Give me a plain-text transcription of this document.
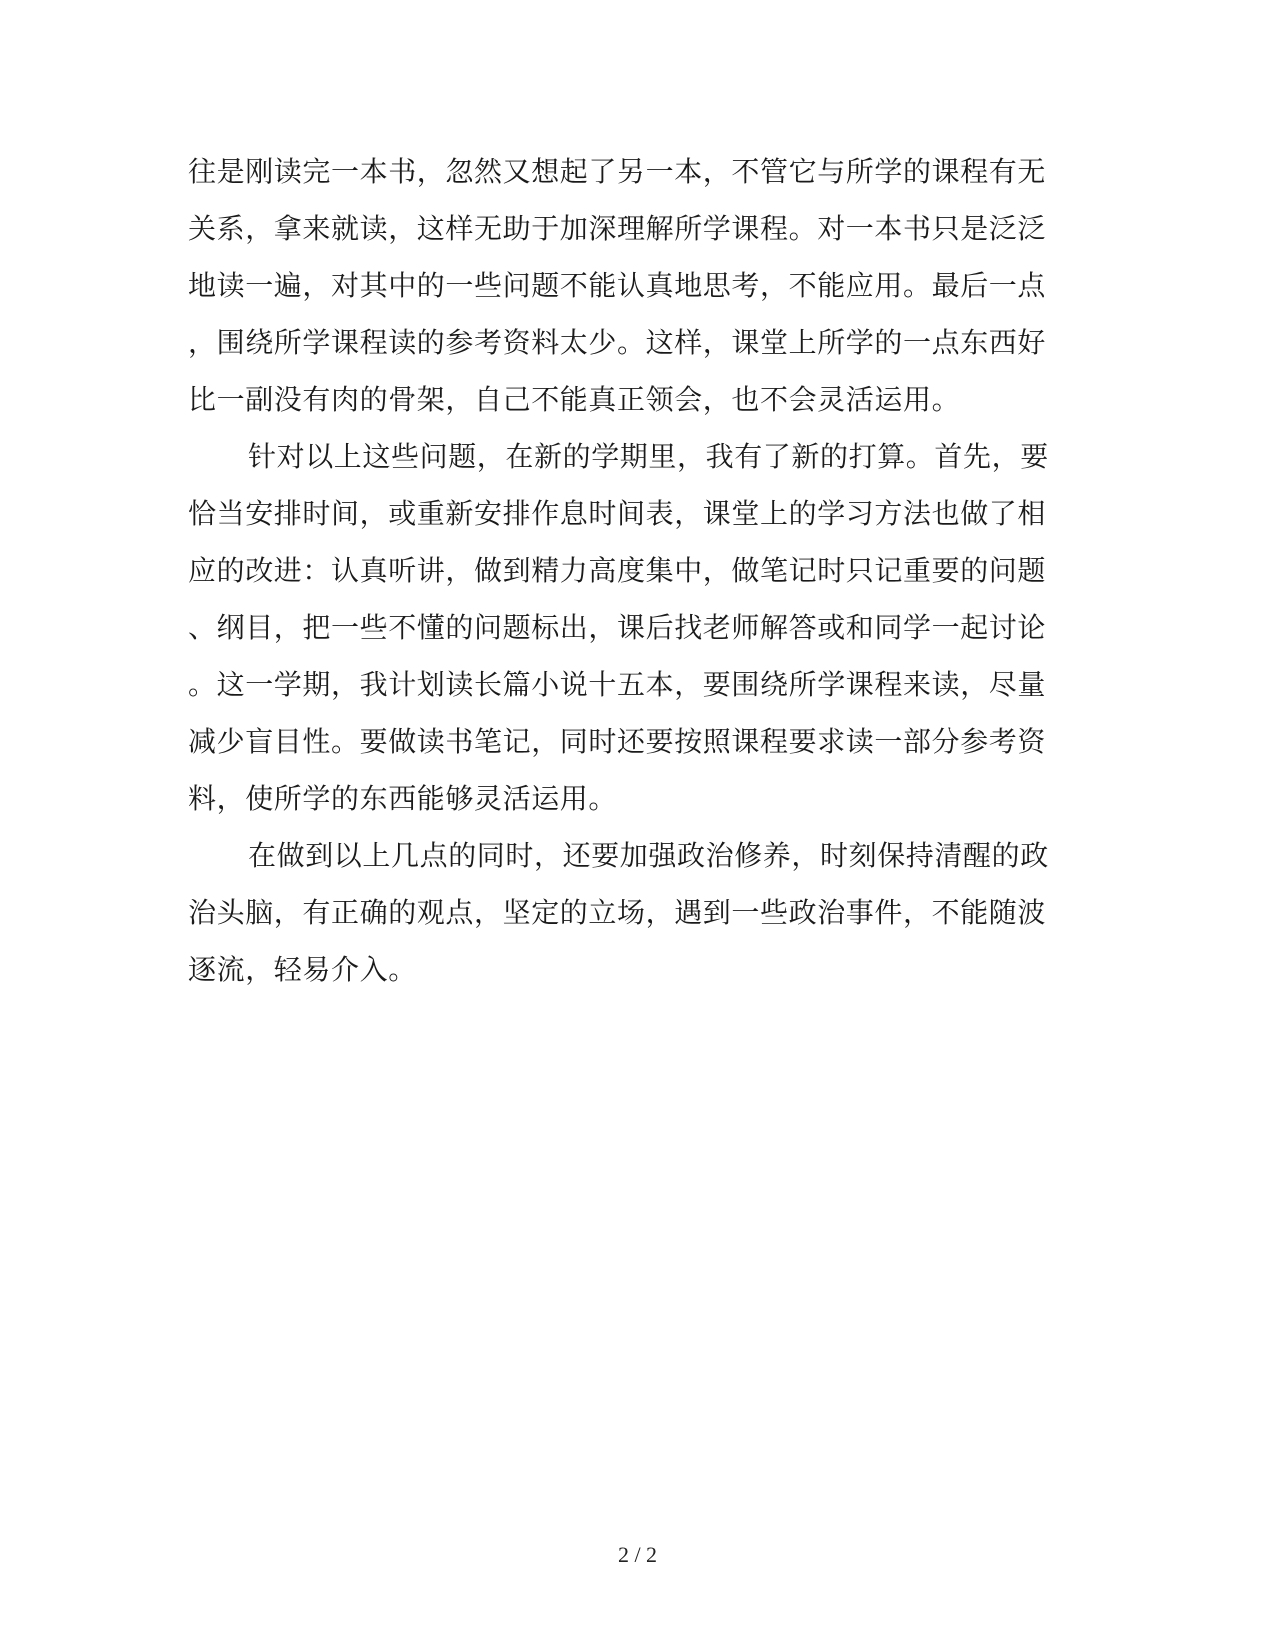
往是刚读完一本书，忽然又想起了另一本，不管它与所学的课程有无
关系，拿来就读，这样无助于加深理解所学课程。对一本书只是泛泛
地读一遍，对其中的一些问题不能认真地思考，不能应用。最后一点
，围绕所学课程读的参考资料太少。这样，课堂上所学的一点东西好
比一副没有肉的骨架，自己不能真正领会，也不会灵活运用。
针对以上这些问题，在新的学期里，我有了新的打算。首先，要
恰当安排时间，或重新安排作息时间表，课堂上的学习方法也做了相
应的改进：认真听讲，做到精力高度集中，做笔记时只记重要的问题
、纲目，把一些不懂的问题标出，课后找老师解答或和同学一起讨论
。这一学期，我计划读长篇小说十五本，要围绕所学课程来读，尽量
减少盲目性。要做读书笔记，同时还要按照课程要求读一部分参考资
料，使所学的东西能够灵活运用。
在做到以上几点的同时，还要加强政治修养，时刻保持清醒的政
治头脑，有正确的观点，坚定的立场，遇到一些政治事件，不能随波
逐流，轻易介入。
2 / 2
